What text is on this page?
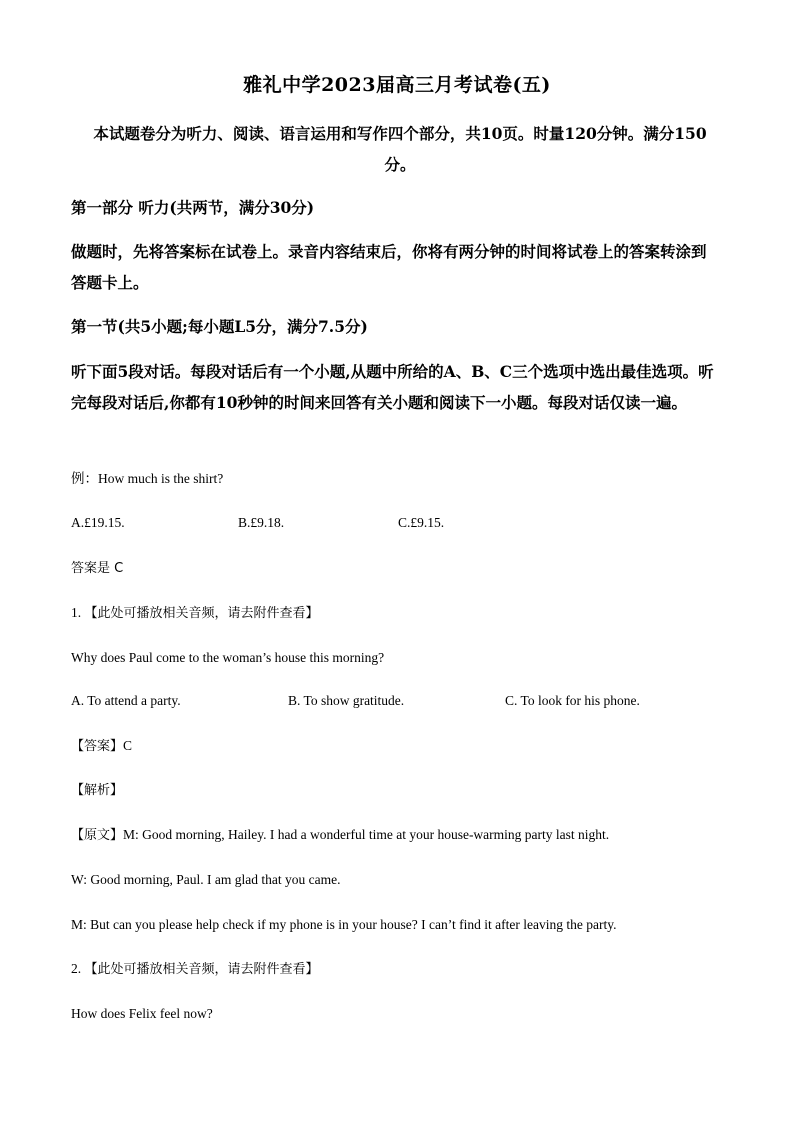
雅礼中学2023届高三月考试卷(五)
本试题卷分为听力、阅读、语言运用和写作四个部分，共10页。时量120分钟。满分150分。
第一部分 听力(共两节，满分30分)
做题时，先将答案标在试卷上。录音内容结束后，你将有两分钟的时间将试卷上的答案转涂到答题卡上。
第一节(共5小题;每小题L5分，满分7.5分)
听下面5段对话。每段对话后有一个小题,从题中所给的A、B、C三个选项中选出最佳选项。听完每段对话后,你都有10秒钟的时间来回答有关小题和阅读下一小题。每段对话仅读一遍。
例：How much is the shirt?
A.£19.15.	B.£9.18.	C.£9.15.
答案是 C
1. 【此处可播放相关音频，请去附件查看】
Why does Paul come to the woman’s house this morning?
A. To attend a party.	B. To show gratitude.	C. To look for his phone.
【答案】C
【解析】
【原文】M: Good morning, Hailey. I had a wonderful time at your house-warming party last night.
W: Good morning, Paul. I am glad that you came.
M: But can you please help check if my phone is in your house? I can’t find it after leaving the party.
2. 【此处可播放相关音频，请去附件查看】
How does Felix feel now?
